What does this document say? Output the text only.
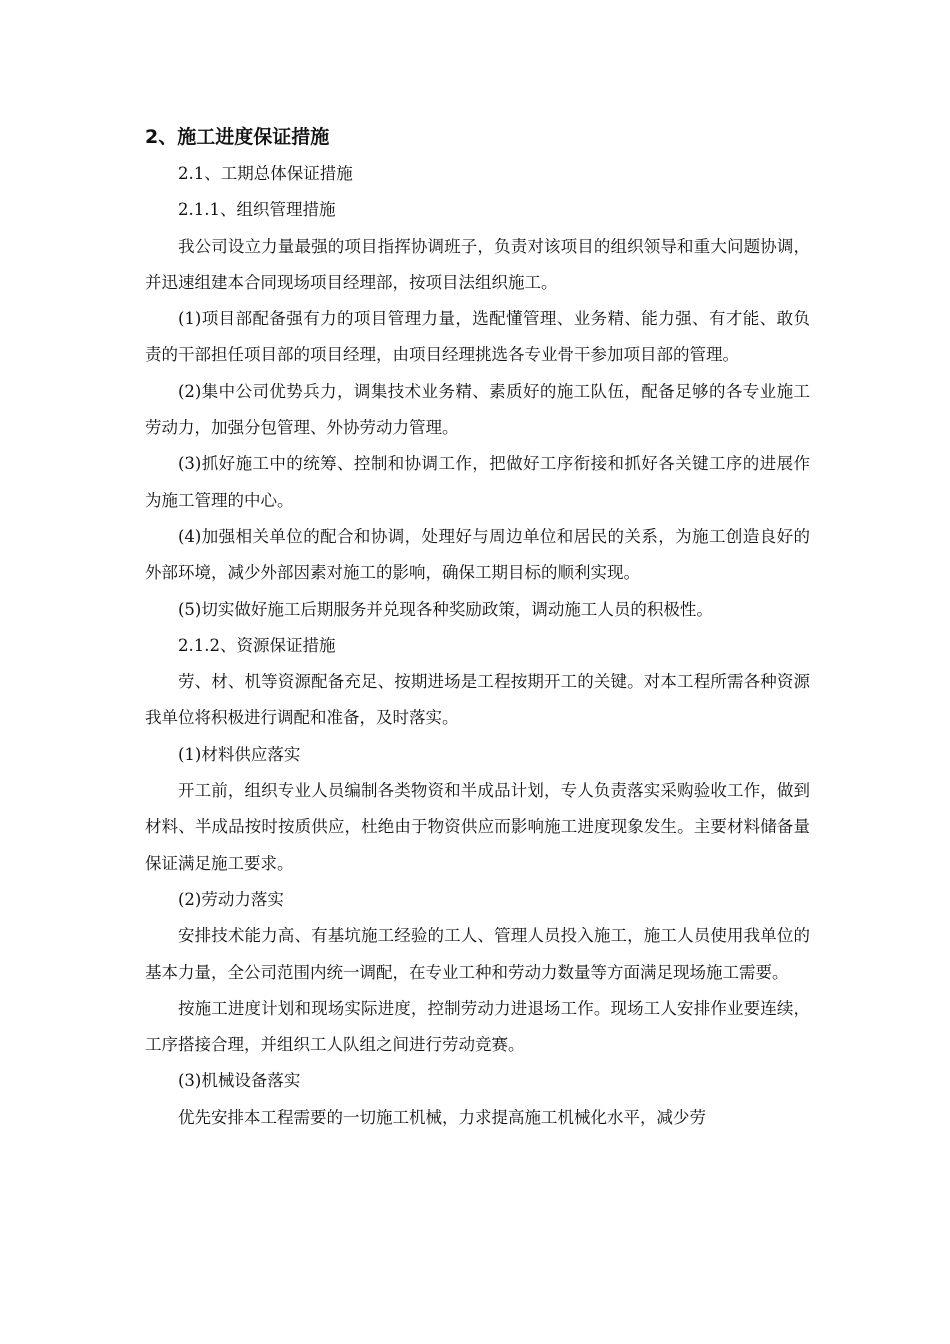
2、施工进度保证措施

2.1、工期总体保证措施

2.1.1、组织管理措施

我公司设立力量最强的项目指挥协调班子，负责对该项目的组织领导和重大问题协调，并迅速组建本合同现场项目经理部，按项目法组织施工。

(1)项目部配备强有力的项目管理力量，选配懂管理、业务精、能力强、有才能、敢负责的干部担任项目部的项目经理，由项目经理挑选各专业骨干参加项目部的管理。

(2)集中公司优势兵力，调集技术业务精、素质好的施工队伍，配备足够的各专业施工劳动力，加强分包管理、外协劳动力管理。

(3)抓好施工中的统筹、控制和协调工作，把做好工序衔接和抓好各关键工序的进展作为施工管理的中心。

(4)加强相关单位的配合和协调，处理好与周边单位和居民的关系，为施工创造良好的外部环境，减少外部因素对施工的影响，确保工期目标的顺利实现。

(5)切实做好施工后期服务并兑现各种奖励政策，调动施工人员的积极性。

2.1.2、资源保证措施

劳、材、机等资源配备充足、按期进场是工程按期开工的关键。对本工程所需各种资源我单位将积极进行调配和准备，及时落实。

(1)材料供应落实

开工前，组织专业人员编制各类物资和半成品计划，专人负责落实采购验收工作，做到材料、半成品按时按质供应，杜绝由于物资供应而影响施工进度现象发生。主要材料储备量保证满足施工要求。

(2)劳动力落实

安排技术能力高、有基坑施工经验的工人、管理人员投入施工，施工人员使用我单位的基本力量，全公司范围内统一调配，在专业工种和劳动力数量等方面满足现场施工需要。

按施工进度计划和现场实际进度，控制劳动力进退场工作。现场工人安排作业要连续，工序搭接合理，并组织工人队组之间进行劳动竞赛。

(3)机械设备落实

优先安排本工程需要的一切施工机械，力求提高施工机械化水平，减少劳
